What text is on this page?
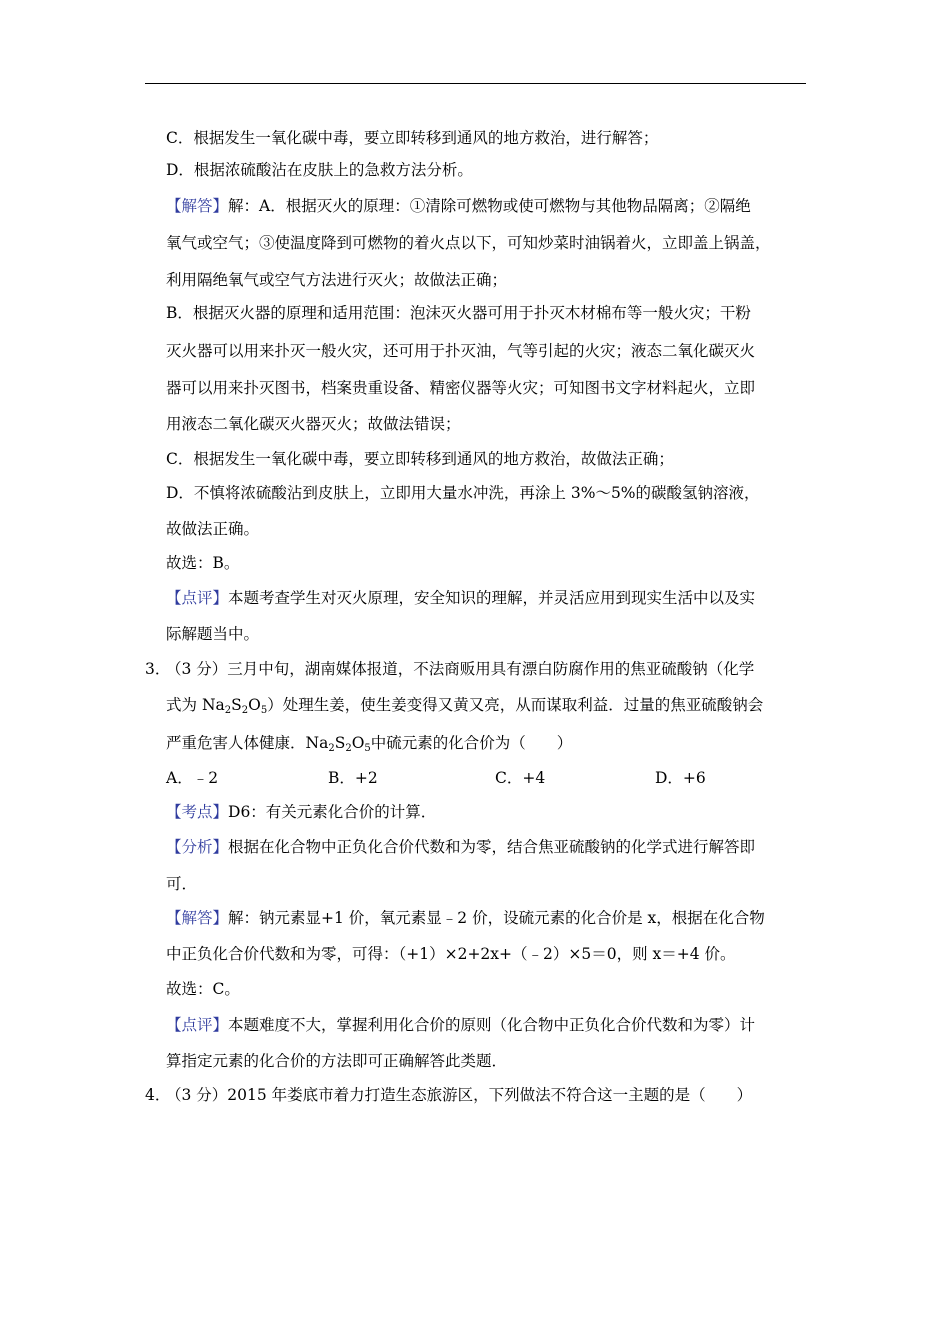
C．根据发生一氧化碳中毒，要立即转移到通风的地方救治，进行解答；
D．根据浓硫酸沾在皮肤上的急救方法分析。
【解答】解：A．根据灭火的原理：①清除可燃物或使可燃物与其他物品隔离；②隔绝
氧气或空气；③使温度降到可燃物的着火点以下，可知炒菜时油锅着火，立即盖上锅盖，
利用隔绝氧气或空气方法进行灭火；故做法正确；
B．根据灭火器的原理和适用范围：泡沫灭火器可用于扑灭木材棉布等一般火灾；干粉
灭火器可以用来扑灭一般火灾，还可用于扑灭油，气等引起的火灾；液态二氧化碳灭火
器可以用来扑灭图书，档案贵重设备、精密仪器等火灾；可知图书文字材料起火，立即
用液态二氧化碳灭火器灭火；故做法错误；
C．根据发生一氧化碳中毒，要立即转移到通风的地方救治，故做法正确；
D．不慎将浓硫酸沾到皮肤上，立即用大量水冲洗，再涂上 3%～5%的碳酸氢钠溶液，
故做法正确。
故选：B。
【点评】本题考查学生对灭火原理，安全知识的理解，并灵活应用到现实生活中以及实
际解题当中。
3．
（3 分）三月中旬，湖南媒体报道，不法商贩用具有漂白防腐作用的焦亚硫酸钠（化学
式为 $Na_2S_2O_5$）处理生姜，使生姜变得又黄又亮，从而谋取利益．过量的焦亚硫酸钠会
严重危害人体健康．$Na_2S_2O_5$中硫元素的化合价为（　　）
A．﹣2	B．+2	C．+4	D．+6
【考点】D6：有关元素化合价的计算．
【分析】根据在化合物中正负化合价代数和为零，结合焦亚硫酸钠的化学式进行解答即
可．
【解答】解：钠元素显+1 价，氧元素显﹣2 价，设硫元素的化合价是 x，根据在化合物
中正负化合价代数和为零，可得：（+1）×2+2x+（﹣2）×5＝0，则 x＝+4 价。
故选：C。
【点评】本题难度不大，掌握利用化合价的原则（化合物中正负化合价代数和为零）计
算指定元素的化合价的方法即可正确解答此类题．
4．
（3 分）2015 年娄底市着力打造生态旅游区，下列做法不符合这一主题的是（　　）
